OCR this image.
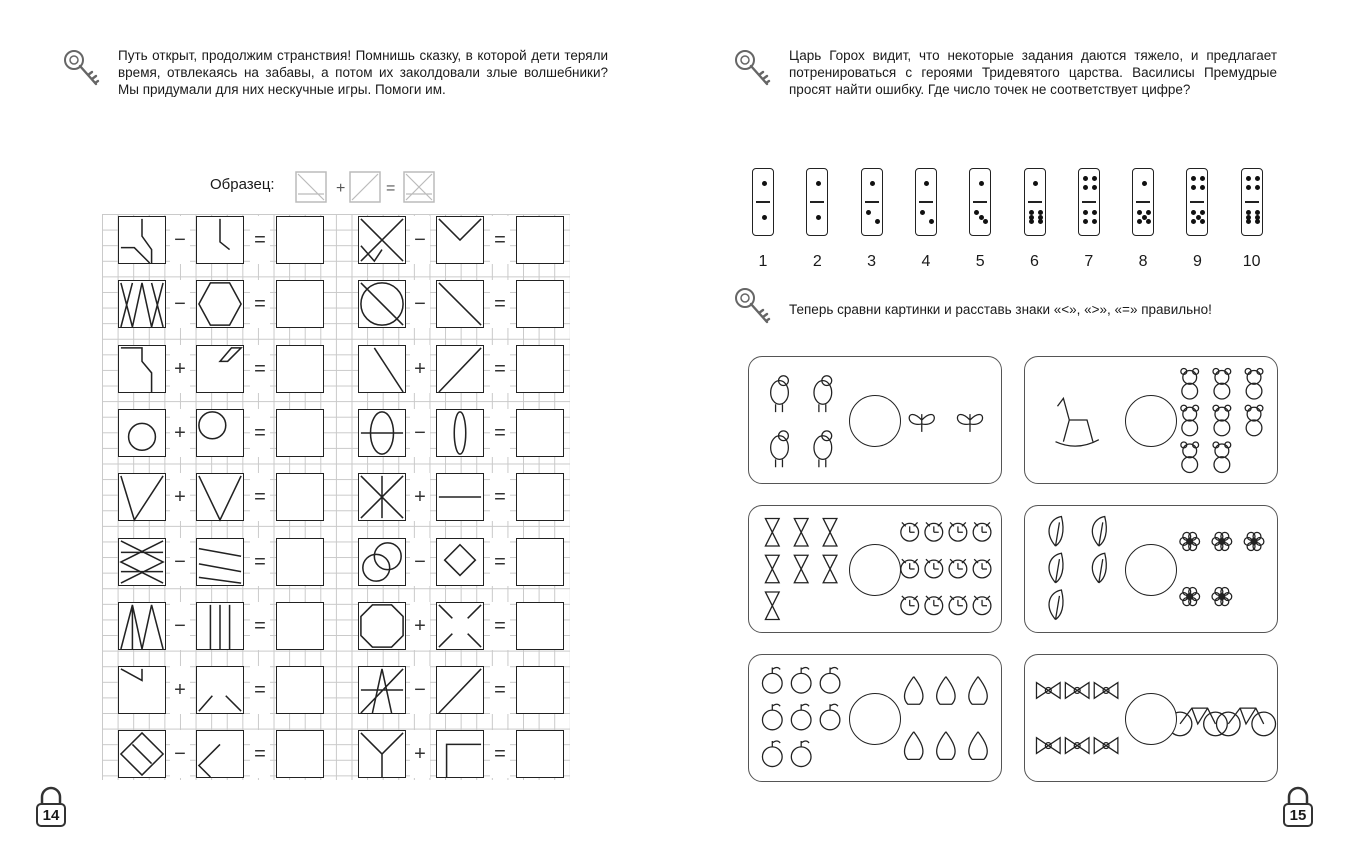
Путь открыт, продолжим странствия! Помнишь сказку, в которой дети теряли время, отвлекаясь на забавы, а потом их заколдовали злые волшебники? Мы придумали для них нескучные игры. Помоги им.
Образец:	+	=
−	=	−	=
−	=	−	=
+	=	+	=
+	=	−	=
+	=	+	=
−	=	−	=
−	=	+	=
+	=	−	=
−	=	+	=
14
Царь Горох видит, что некоторые задания даются тяжело, и предлагает потренироваться с героями Тридевятого царства. Василисы Премудрые просят найти ошибку. Где число точек не соответствует цифре?
1	2	3	4	5	6	7	8	9	10
Теперь сравни картинки и расставь знаки «<», «>», «=» правильно!
15
